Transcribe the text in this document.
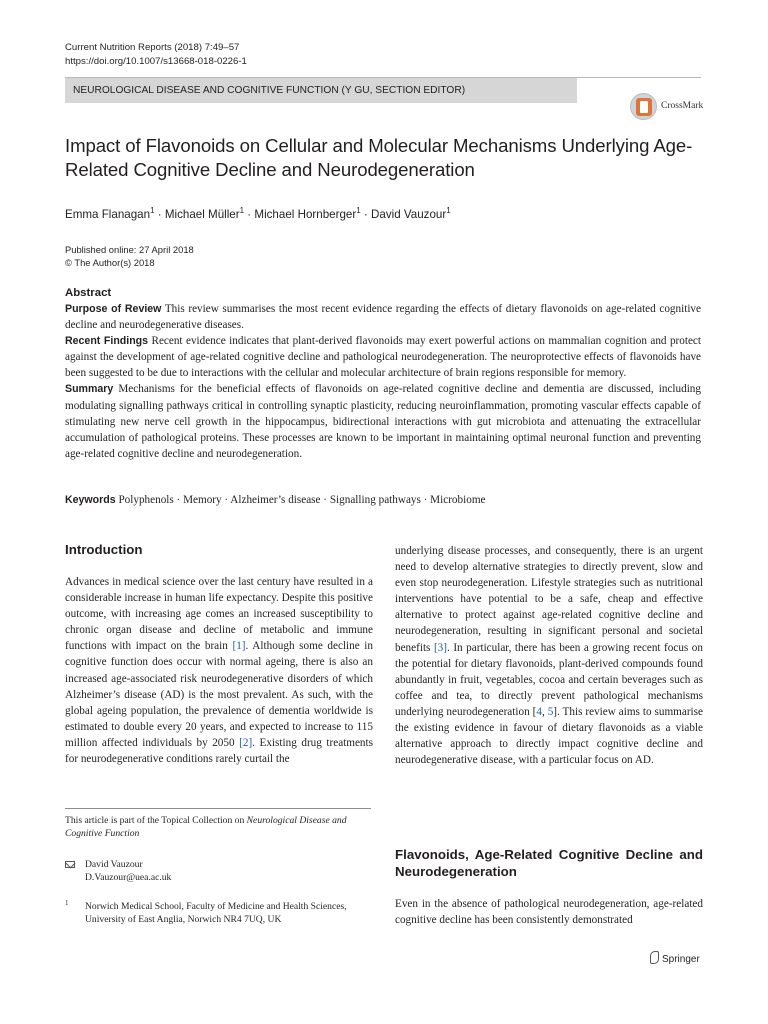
Current Nutrition Reports (2018) 7:49–57
https://doi.org/10.1007/s13668-018-0226-1
NEUROLOGICAL DISEASE AND COGNITIVE FUNCTION (Y GU, SECTION EDITOR)
CrossMark
Impact of Flavonoids on Cellular and Molecular Mechanisms Underlying Age-Related Cognitive Decline and Neurodegeneration
Emma Flanagan$^1$ · Michael Müller$^1$ · Michael Hornberger$^1$ · David Vauzour$^1$
Published online: 27 April 2018
© The Author(s) 2018
Abstract
Purpose of Review This review summarises the most recent evidence regarding the effects of dietary flavonoids on age-related cognitive decline and neurodegenerative diseases.
Recent Findings Recent evidence indicates that plant-derived flavonoids may exert powerful actions on mammalian cognition and protect against the development of age-related cognitive decline and pathological neurodegeneration. The neuroprotective effects of flavonoids have been suggested to be due to interactions with the cellular and molecular architecture of brain regions responsible for memory.
Summary Mechanisms for the beneficial effects of flavonoids on age-related cognitive decline and dementia are discussed, including modulating signalling pathways critical in controlling synaptic plasticity, reducing neuroinflammation, promoting vascular effects capable of stimulating new nerve cell growth in the hippocampus, bidirectional interactions with gut microbiota and attenuating the extracellular accumulation of pathological proteins. These processes are known to be important in maintaining optimal neuronal function and preventing age-related cognitive decline and neurodegeneration.
Keywords Polyphenols · Memory · Alzheimer’s disease · Signalling pathways · Microbiome
Introduction

Advances in medical science over the last century have resulted in a considerable increase in human life expectancy. Despite this positive outcome, with increasing age comes an increased susceptibility to chronic organ disease and decline of metabolic and immune functions with impact on the brain [1]. Although some decline in cognitive function does occur with normal ageing, there is also an increased age-associated risk neurodegenerative disorders of which Alzheimer’s disease (AD) is the most prevalent. As such, with the global ageing population, the prevalence of dementia worldwide is estimated to double every 20 years, and expected to increase to 115 million affected individuals by 2050 [2]. Existing drug treatments for neurodegenerative conditions rarely curtail the

underlying disease processes, and consequently, there is an urgent need to develop alternative strategies to directly prevent, slow and even stop neurodegeneration. Lifestyle strategies such as nutritional interventions have potential to be a safe, cheap and effective alternative to protect against age-related cognitive decline and neurodegeneration, resulting in significant personal and societal benefits [3]. In particular, there has been a growing recent focus on the potential for dietary flavonoids, plant-derived compounds found abundantly in fruit, vegetables, cocoa and certain beverages such as coffee and tea, to directly prevent pathological mechanisms underlying neurodegeneration [4, 5]. This review aims to summarise the existing evidence in favour of dietary flavonoids as a viable alternative approach to directly impact cognitive decline and neurodegenerative disease, with a particular focus on AD.

Flavonoids, Age-Related Cognitive Decline and Neurodegeneration

Even in the absence of pathological neurodegeneration, age-related cognitive decline has been consistently demonstrated

This article is part of the Topical Collection on Neurological Disease and Cognitive Function
David Vauzour
D.Vauzour@uea.ac.uk
1	Norwich Medical School, Faculty of Medicine and Health Sciences, University of East Anglia, Norwich NR4 7UQ, UK
Springer
